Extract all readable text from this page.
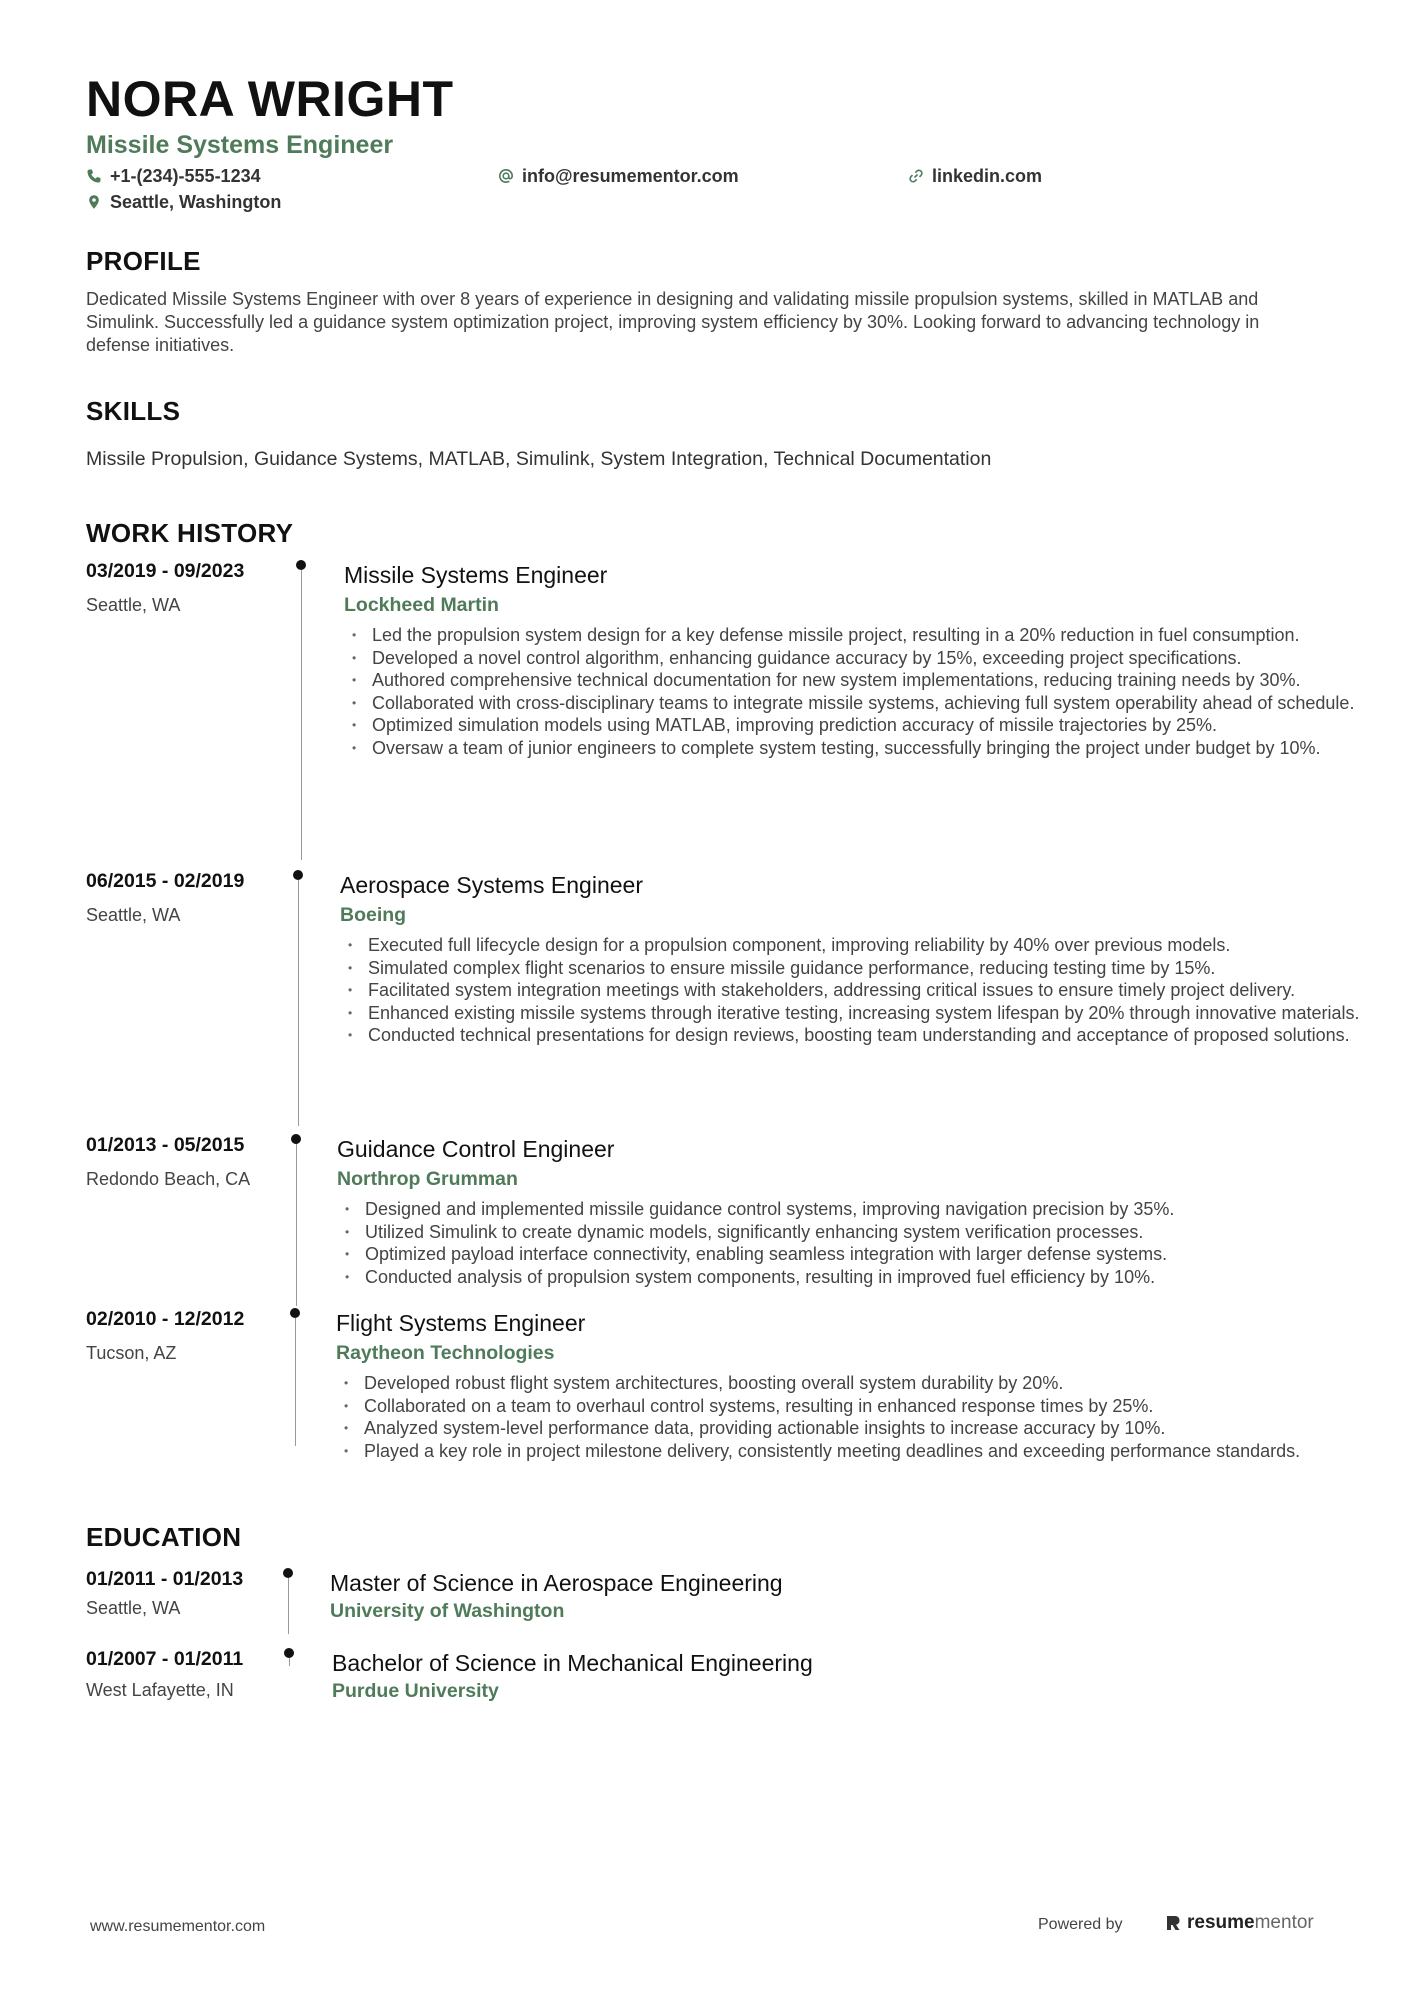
NORA WRIGHT
Missile Systems Engineer
+1-(234)-555-1234	info@resumementor.com	linkedin.com
Seattle, Washington
PROFILE
Dedicated Missile Systems Engineer with over 8 years of experience in designing and validating missile propulsion systems, skilled in MATLAB and Simulink. Successfully led a guidance system optimization project, improving system efficiency by 30%. Looking forward to advancing technology in defense initiatives.
SKILLS
Missile Propulsion, Guidance Systems, MATLAB, Simulink, System Integration, Technical Documentation
WORK HISTORY
03/2019 - 09/2023
Seattle, WA
Missile Systems Engineer
Lockheed Martin
• Led the propulsion system design for a key defense missile project, resulting in a 20% reduction in fuel consumption.
• Developed a novel control algorithm, enhancing guidance accuracy by 15%, exceeding project specifications.
• Authored comprehensive technical documentation for new system implementations, reducing training needs by 30%.
• Collaborated with cross-disciplinary teams to integrate missile systems, achieving full system operability ahead of schedule.
• Optimized simulation models using MATLAB, improving prediction accuracy of missile trajectories by 25%.
• Oversaw a team of junior engineers to complete system testing, successfully bringing the project under budget by 10%.
06/2015 - 02/2019
Seattle, WA
Aerospace Systems Engineer
Boeing
• Executed full lifecycle design for a propulsion component, improving reliability by 40% over previous models.
• Simulated complex flight scenarios to ensure missile guidance performance, reducing testing time by 15%.
• Facilitated system integration meetings with stakeholders, addressing critical issues to ensure timely project delivery.
• Enhanced existing missile systems through iterative testing, increasing system lifespan by 20% through innovative materials.
• Conducted technical presentations for design reviews, boosting team understanding and acceptance of proposed solutions.
01/2013 - 05/2015
Redondo Beach, CA
Guidance Control Engineer
Northrop Grumman
• Designed and implemented missile guidance control systems, improving navigation precision by 35%.
• Utilized Simulink to create dynamic models, significantly enhancing system verification processes.
• Optimized payload interface connectivity, enabling seamless integration with larger defense systems.
• Conducted analysis of propulsion system components, resulting in improved fuel efficiency by 10%.
02/2010 - 12/2012
Tucson, AZ
Flight Systems Engineer
Raytheon Technologies
• Developed robust flight system architectures, boosting overall system durability by 20%.
• Collaborated on a team to overhaul control systems, resulting in enhanced response times by 25%.
• Analyzed system-level performance data, providing actionable insights to increase accuracy by 10%.
• Played a key role in project milestone delivery, consistently meeting deadlines and exceeding performance standards.
EDUCATION
01/2011 - 01/2013
Seattle, WA
Master of Science in Aerospace Engineering
University of Washington
01/2007 - 01/2011
West Lafayette, IN
Bachelor of Science in Mechanical Engineering
Purdue University
www.resumementor.com	Powered by	resumementor
